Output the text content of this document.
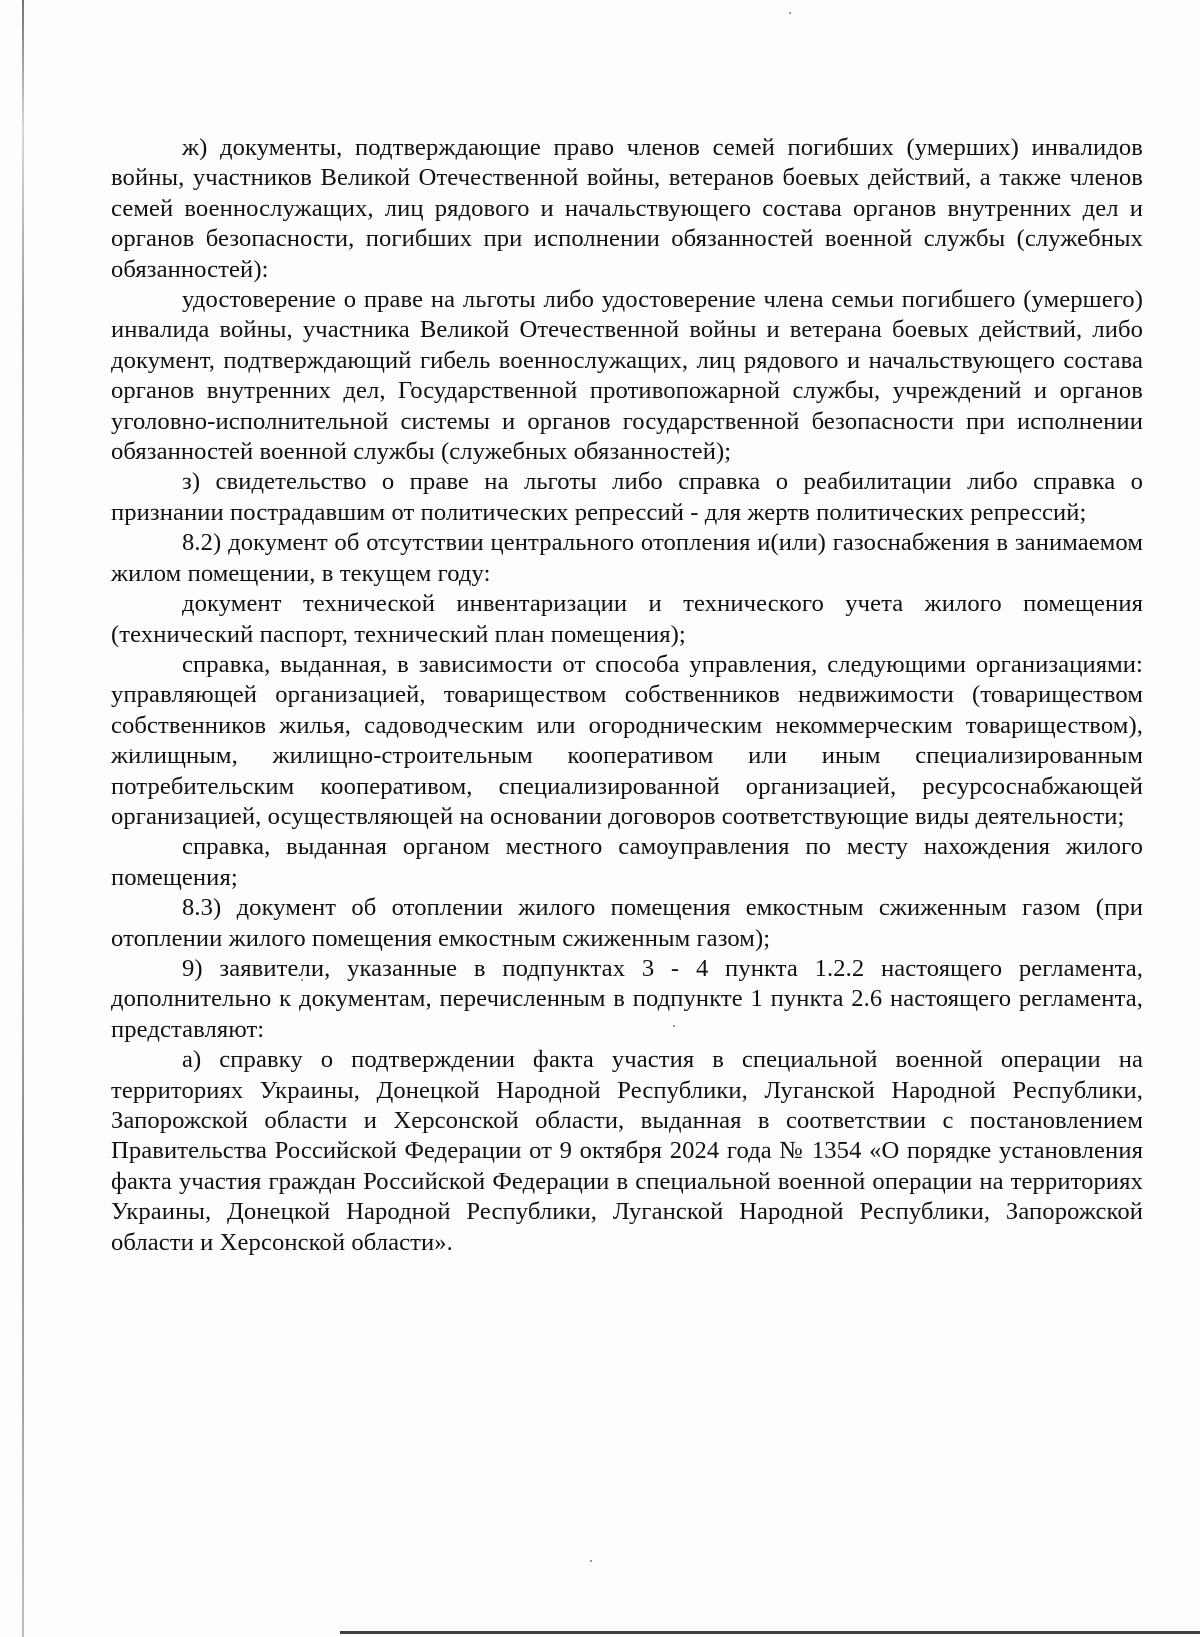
ж) документы, подтверждающие право членов семей погибших (умерших) инвалидов войны, участников Великой Отечественной войны, ветеранов боевых действий, а также членов семей военнослужащих, лиц рядового и начальствующего состава органов внутренних дел и органов безопасности, погибших при исполнении обязанностей военной службы (служебных обязанностей):

удостоверение о праве на льготы либо удостоверение члена семьи погибшего (умершего) инвалида войны, участника Великой Отечественной войны и ветерана боевых действий, либо документ, подтверждающий гибель военнослужащих, лиц рядового и начальствующего состава органов внутренних дел, Государственной противопожарной службы, учреждений и органов уголовно-исполнительной системы и органов государственной безопасности при исполнении обязанностей военной службы (служебных обязанностей);

з) свидетельство о праве на льготы либо справка о реабилитации либо справка о признании пострадавшим от политических репрессий - для жертв политических репрессий;

8.2) документ об отсутствии центрального отопления и(или) газоснабжения в занимаемом жилом помещении, в текущем году:

документ технической инвентаризации и технического учета жилого помещения (технический паспорт, технический план помещения);

справка, выданная, в зависимости от способа управления, следующими организациями: управляющей организацией, товариществом собственников недвижимости (товариществом собственников жилья, садоводческим или огородническим некоммерческим товариществом), жилищным, жилищно-строительным кооперативом или иным специализированным потребительским кооперативом, специализированной организацией, ресурсоснабжающей организацией, осуществляющей на основании договоров соответствующие виды деятельности;

справка, выданная органом местного самоуправления по месту нахождения жилого помещения;

8.3) документ об отоплении жилого помещения емкостным сжиженным газом (при отоплении жилого помещения емкостным сжиженным газом);

9) заявители, указанные в подпунктах 3 - 4 пункта 1.2.2 настоящего регламента, дополнительно к документам, перечисленным в подпункте 1 пункта 2.6 настоящего регламента, представляют:

а) справку о подтверждении факта участия в специальной военной операции на территориях Украины, Донецкой Народной Республики, Луганской Народной Республики, Запорожской области и Херсонской области, выданная в соответствии с постановлением Правительства Российской Федерации от 9 октября 2024 года № 1354 «О порядке установления факта участия граждан Российской Федерации в специальной военной операции на территориях Украины, Донецкой Народной Республики, Луганской Народной Республики, Запорожской области и Херсонской области».
